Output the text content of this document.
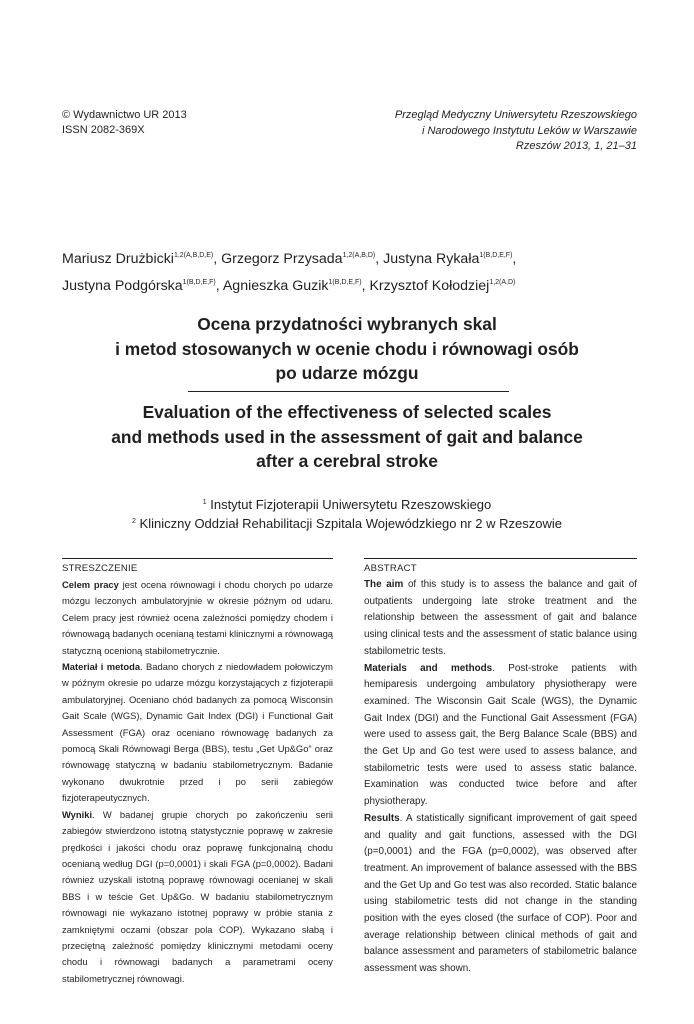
© Wydawnictwo UR 2013
ISSN 2082-369X
Przegląd Medyczny Uniwersytetu Rzeszowskiego
i Narodowego Instytutu Leków w Warszawie
Rzeszów 2013, 1, 21–31
Mariusz Drużbicki$^{1,2(A,B,D,E)}$, Grzegorz Przysada$^{1,2(A,B,D)}$, Justyna Rykała$^{1(B,D,E,F)}$,
Justyna Podgórska$^{1(B,D,E,F)}$, Agnieszka Guzik$^{1(B,D,E,F)}$, Krzysztof Kołodziej$^{1,2(A,D)}$
Ocena przydatności wybranych skal
i metod stosowanych w ocenie chodu i równowagi osób
po udarze mózgu
Evaluation of the effectiveness of selected scales
and methods used in the assessment of gait and balance
after a cerebral stroke
$^1$ Instytut Fizjoterapii Uniwersytetu Rzeszowskiego
$^2$ Kliniczny Oddział Rehabilitacji Szpitala Wojewódzkiego nr 2 w Rzeszowie
STRESZCZENIE

Celem pracy jest ocena równowagi i chodu chorych po udarze mózgu leczonych ambulatoryjnie w okresie późnym od udaru. Celem pracy jest również ocena zależności pomiędzy chodem i równowagą badanych ocenianą testami klinicznymi a równowagą statyczną ocenioną stabilometrycznie.

Materiał i metoda. Badano chorych z niedowładem połowiczym w późnym okresie po udarze mózgu korzystających z fizjoterapii ambulatoryjnej. Oceniano chód badanych za pomocą Wisconsin Gait Scale (WGS), Dynamic Gait Index (DGI) i Functional Gait Assessment (FGA) oraz oceniano równowagę badanych za pomocą Skali Równowagi Berga (BBS), testu „Get Up&Go” oraz równowagę statyczną w badaniu stabilometrycznym. Badanie wykonano dwukrotnie przed i po serii zabiegów fizjoterapeutycznych.

Wyniki. W badanej grupie chorych po zakończeniu serii zabiegów stwierdzono istotną statystycznie poprawę w zakresie prędkości i jakości chodu oraz poprawę funkcjonalną chodu ocenianą według DGI (p=0,0001) i skali FGA (p=0,0002). Badani również uzyskali istotną poprawę równowagi ocenianej w skali BBS i w teście Get Up&Go. W badaniu stabilometrycznym równowagi nie wykazano istotnej poprawy w próbie stania z zamkniętymi oczami (obszar pola COP). Wykazano słabą i przeciętną zależność pomiędzy klinicznymi metodami oceny chodu i równowagi badanych a parametrami oceny stabilometrycznej równowagi.

ABSTRACT

The aim of this study is to assess the balance and gait of outpatients undergoing late stroke treatment and the relationship between the assessment of gait and balance using clinical tests and the assessment of static balance using stabilometric tests.

Materials and methods. Post-stroke patients with hemiparesis undergoing ambulatory physiotherapy were examined. The Wisconsin Gait Scale (WGS), the Dynamic Gait Index (DGI) and the Functional Gait Assessment (FGA) were used to assess gait, the Berg Balance Scale (BBS) and the Get Up and Go test were used to assess balance, and stabilometric tests were used to assess static balance. Examination was conducted twice before and after physiotherapy.

Results. A statistically significant improvement of gait speed and quality and gait functions, assessed with the DGI (p=0,0001) and the FGA (p=0,0002), was observed after treatment. An improvement of balance assessed with the BBS and the Get Up and Go test was also recorded. Static balance using stabilometric tests did not change in the standing position with the eyes closed (the surface of COP). Poor and average relationship between clinical methods of gait and balance assessment and parameters of stabilometric balance assessment was shown.
